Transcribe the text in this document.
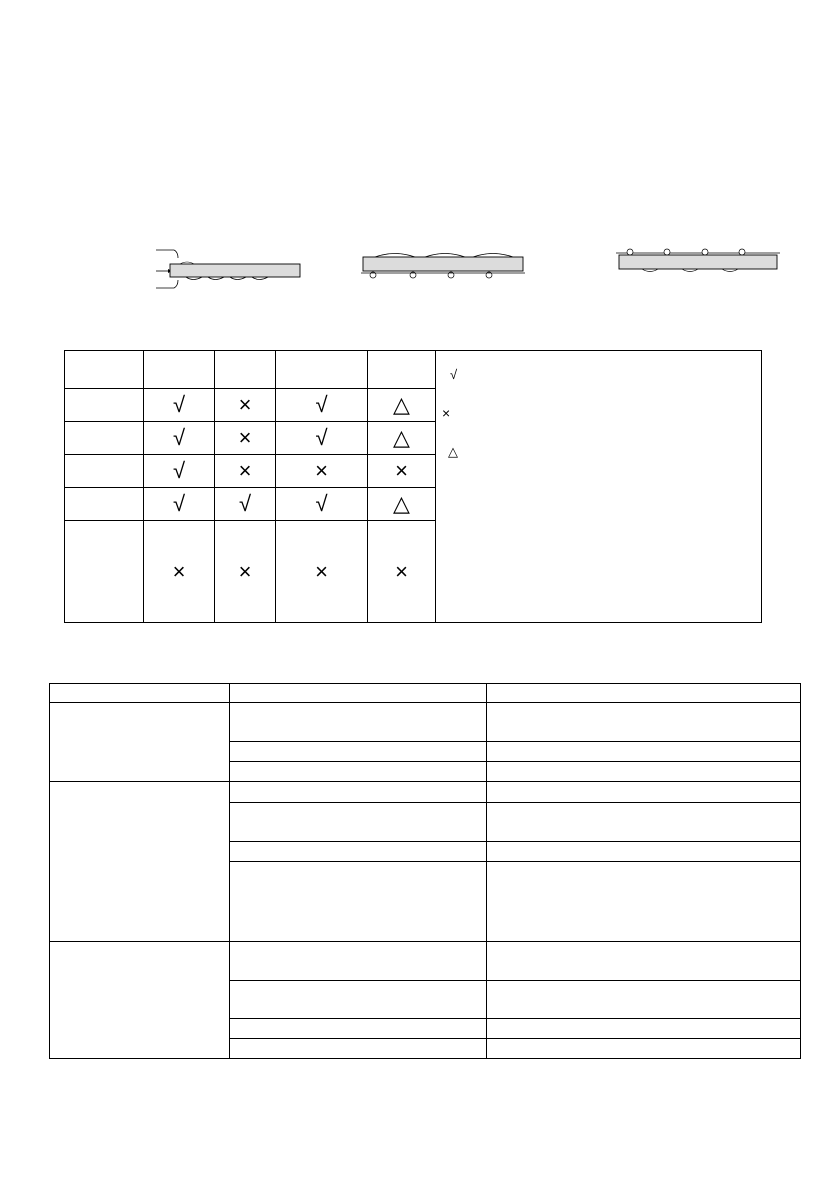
					√
×
△

	√	×	√	△	
	√	×	√	△	
	√	×	×	×	
	√	√	√	△	
	×	×	×	×	
